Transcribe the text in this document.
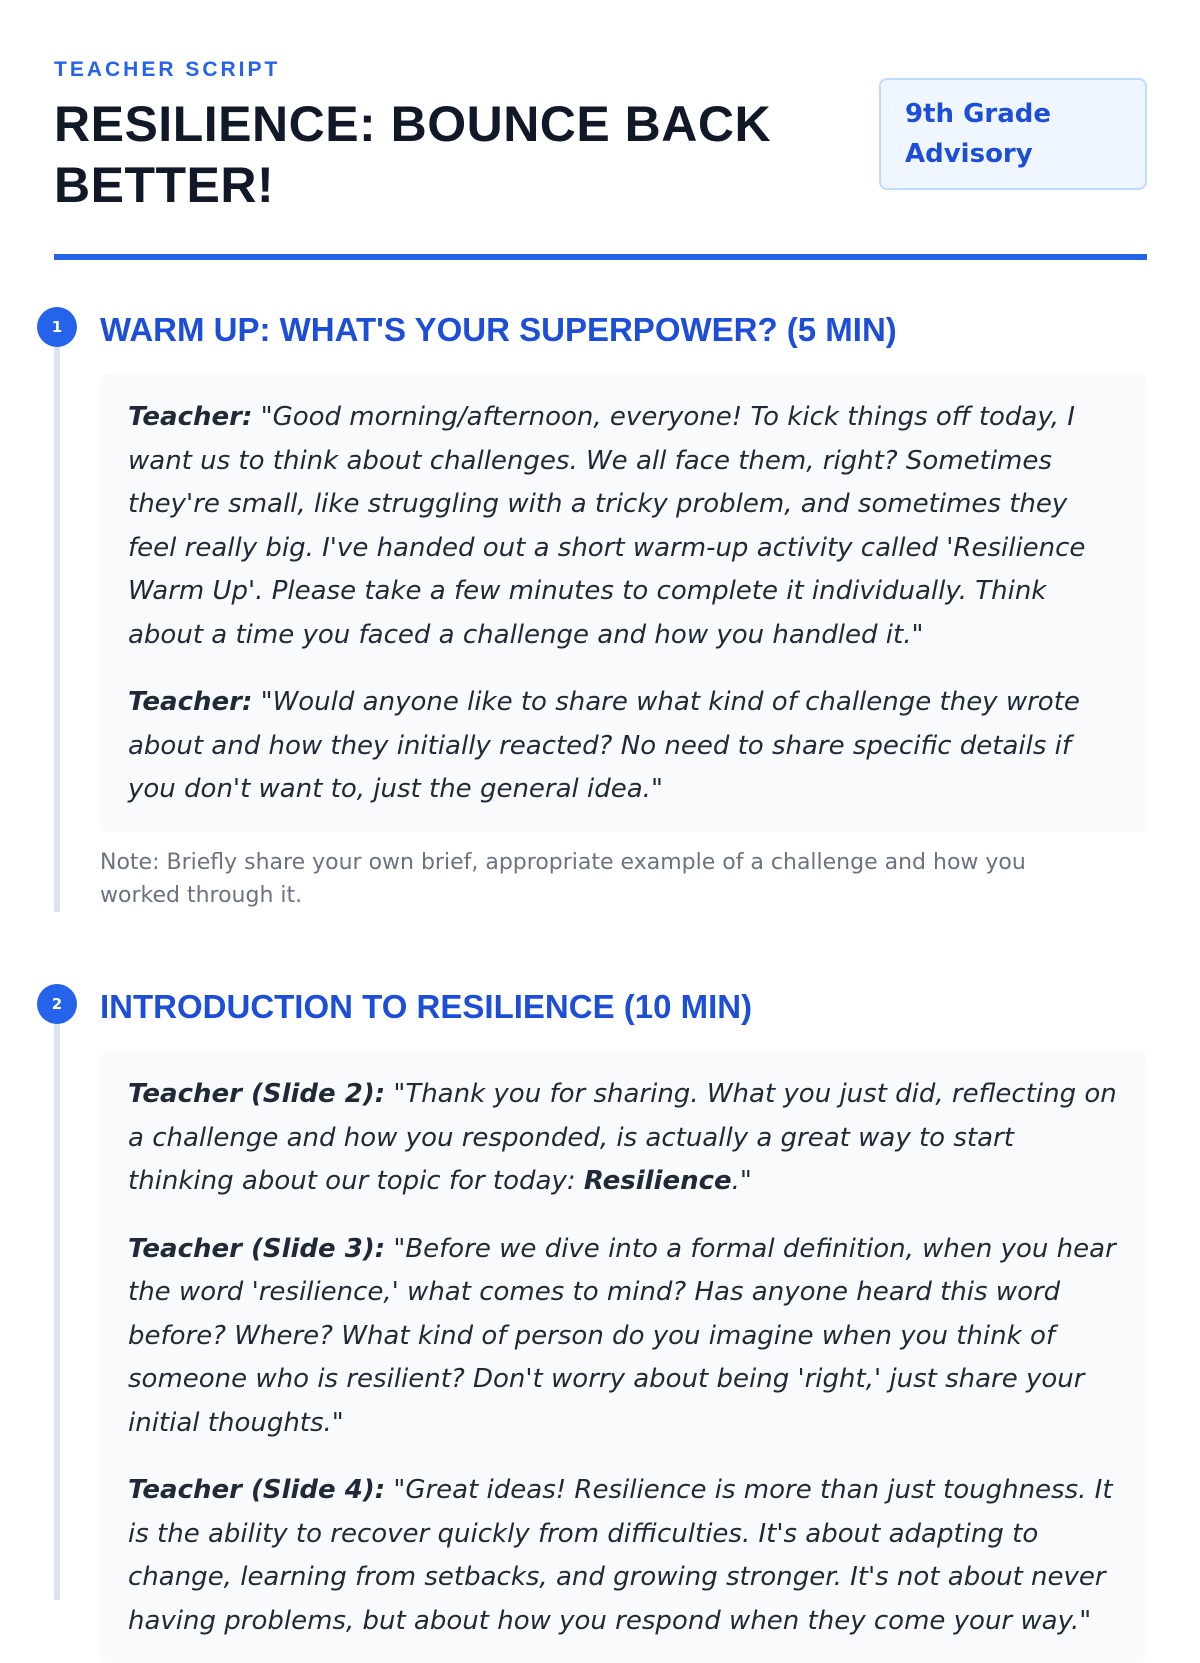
TEACHER SCRIPT

RESILIENCE: BOUNCE BACK BETTER!
9th Grade Advisory
1	WARM UP: WHAT'S YOUR SUPERPOWER? (5 MIN)

Teacher: "Good morning/afternoon, everyone! To kick things off today, I want us to think about challenges. We all face them, right? Sometimes they're small, like struggling with a tricky problem, and sometimes they feel really big. I've handed out a short warm-up activity called 'Resilience Warm Up'. Please take a few minutes to complete it individually. Think about a time you faced a challenge and how you handled it."

Teacher: "Would anyone like to share what kind of challenge they wrote about and how they initially reacted? No need to share specific details if you don't want to, just the general idea."

Note: Briefly share your own brief, appropriate example of a challenge and how you worked through it.

2	INTRODUCTION TO RESILIENCE (10 MIN)

Teacher (Slide 2): "Thank you for sharing. What you just did, reflecting on a challenge and how you responded, is actually a great way to start thinking about our topic for today: Resilience."

Teacher (Slide 3): "Before we dive into a formal definition, when you hear the word 'resilience,' what comes to mind? Has anyone heard this word before? Where? What kind of person do you imagine when you think of someone who is resilient? Don't worry about being 'right,' just share your initial thoughts."

Teacher (Slide 4): "Great ideas! Resilience is more than just toughness. It is the ability to recover quickly from difficulties. It's about adapting to change, learning from setbacks, and growing stronger. It's not about never having problems, but about how you respond when they come your way."
